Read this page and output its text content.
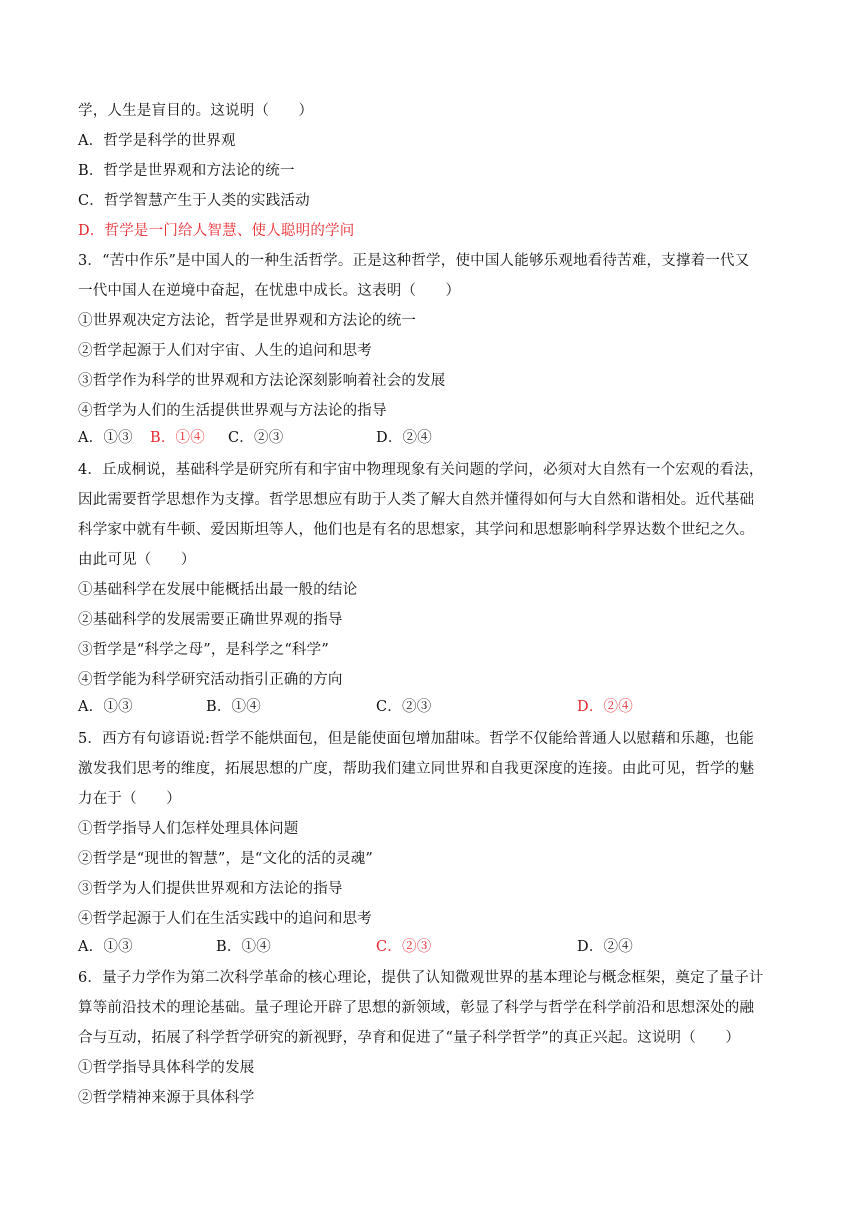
学，人生是盲目的。这说明（　　）
A．哲学是科学的世界观
B．哲学是世界观和方法论的统一
C．哲学智慧产生于人类的实践活动
D．哲学是一门给人智慧、使人聪明的学问
3．“苦中作乐”是中国人的一种生活哲学。正是这种哲学，使中国人能够乐观地看待苦难，支撑着一代又
一代中国人在逆境中奋起，在忧患中成长。这表明（　　）
①世界观决定方法论，哲学是世界观和方法论的统一
②哲学起源于人们对宇宙、人生的追问和思考
③哲学作为科学的世界观和方法论深刻影响着社会的发展
④哲学为人们的生活提供世界观与方法论的指导
A．①③ B．①④ C．②③	D．②④
4．丘成桐说，基础科学是研究所有和宇宙中物理现象有关问题的学问，必须对大自然有一个宏观的看法，
因此需要哲学思想作为支撑。哲学思想应有助于人类了解大自然并懂得如何与大自然和谐相处。近代基础
科学家中就有牛顿、爱因斯坦等人，他们也是有名的思想家，其学问和思想影响科学界达数个世纪之久。
由此可见（　　）
①基础科学在发展中能概括出最一般的结论
②基础科学的发展需要正确世界观的指导
③哲学是“科学之母”，是科学之“科学”
④哲学能为科学研究活动指引正确的方向
A．①③	B．①④	C．②③	D．②④
5．西方有句谚语说:哲学不能烘面包，但是能使面包增加甜味。哲学不仅能给普通人以慰藉和乐趣，也能
激发我们思考的维度，拓展思想的广度，帮助我们建立同世界和自我更深度的连接。由此可见，哲学的魅
力在于（　　）
①哲学指导人们怎样处理具体问题
②哲学是“现世的智慧”，是“文化的活的灵魂”
③哲学为人们提供世界观和方法论的指导
④哲学起源于人们在生活实践中的追问和思考
A．①③	B．①④	C．②③	D．②④
6．量子力学作为第二次科学革命的核心理论，提供了认知微观世界的基本理论与概念框架，奠定了量子计
算等前沿技术的理论基础。量子理论开辟了思想的新领域，彰显了科学与哲学在科学前沿和思想深处的融
合与互动，拓展了科学哲学研究的新视野，孕育和促进了“量子科学哲学”的真正兴起。这说明（　　）
①哲学指导具体科学的发展
②哲学精神来源于具体科学
